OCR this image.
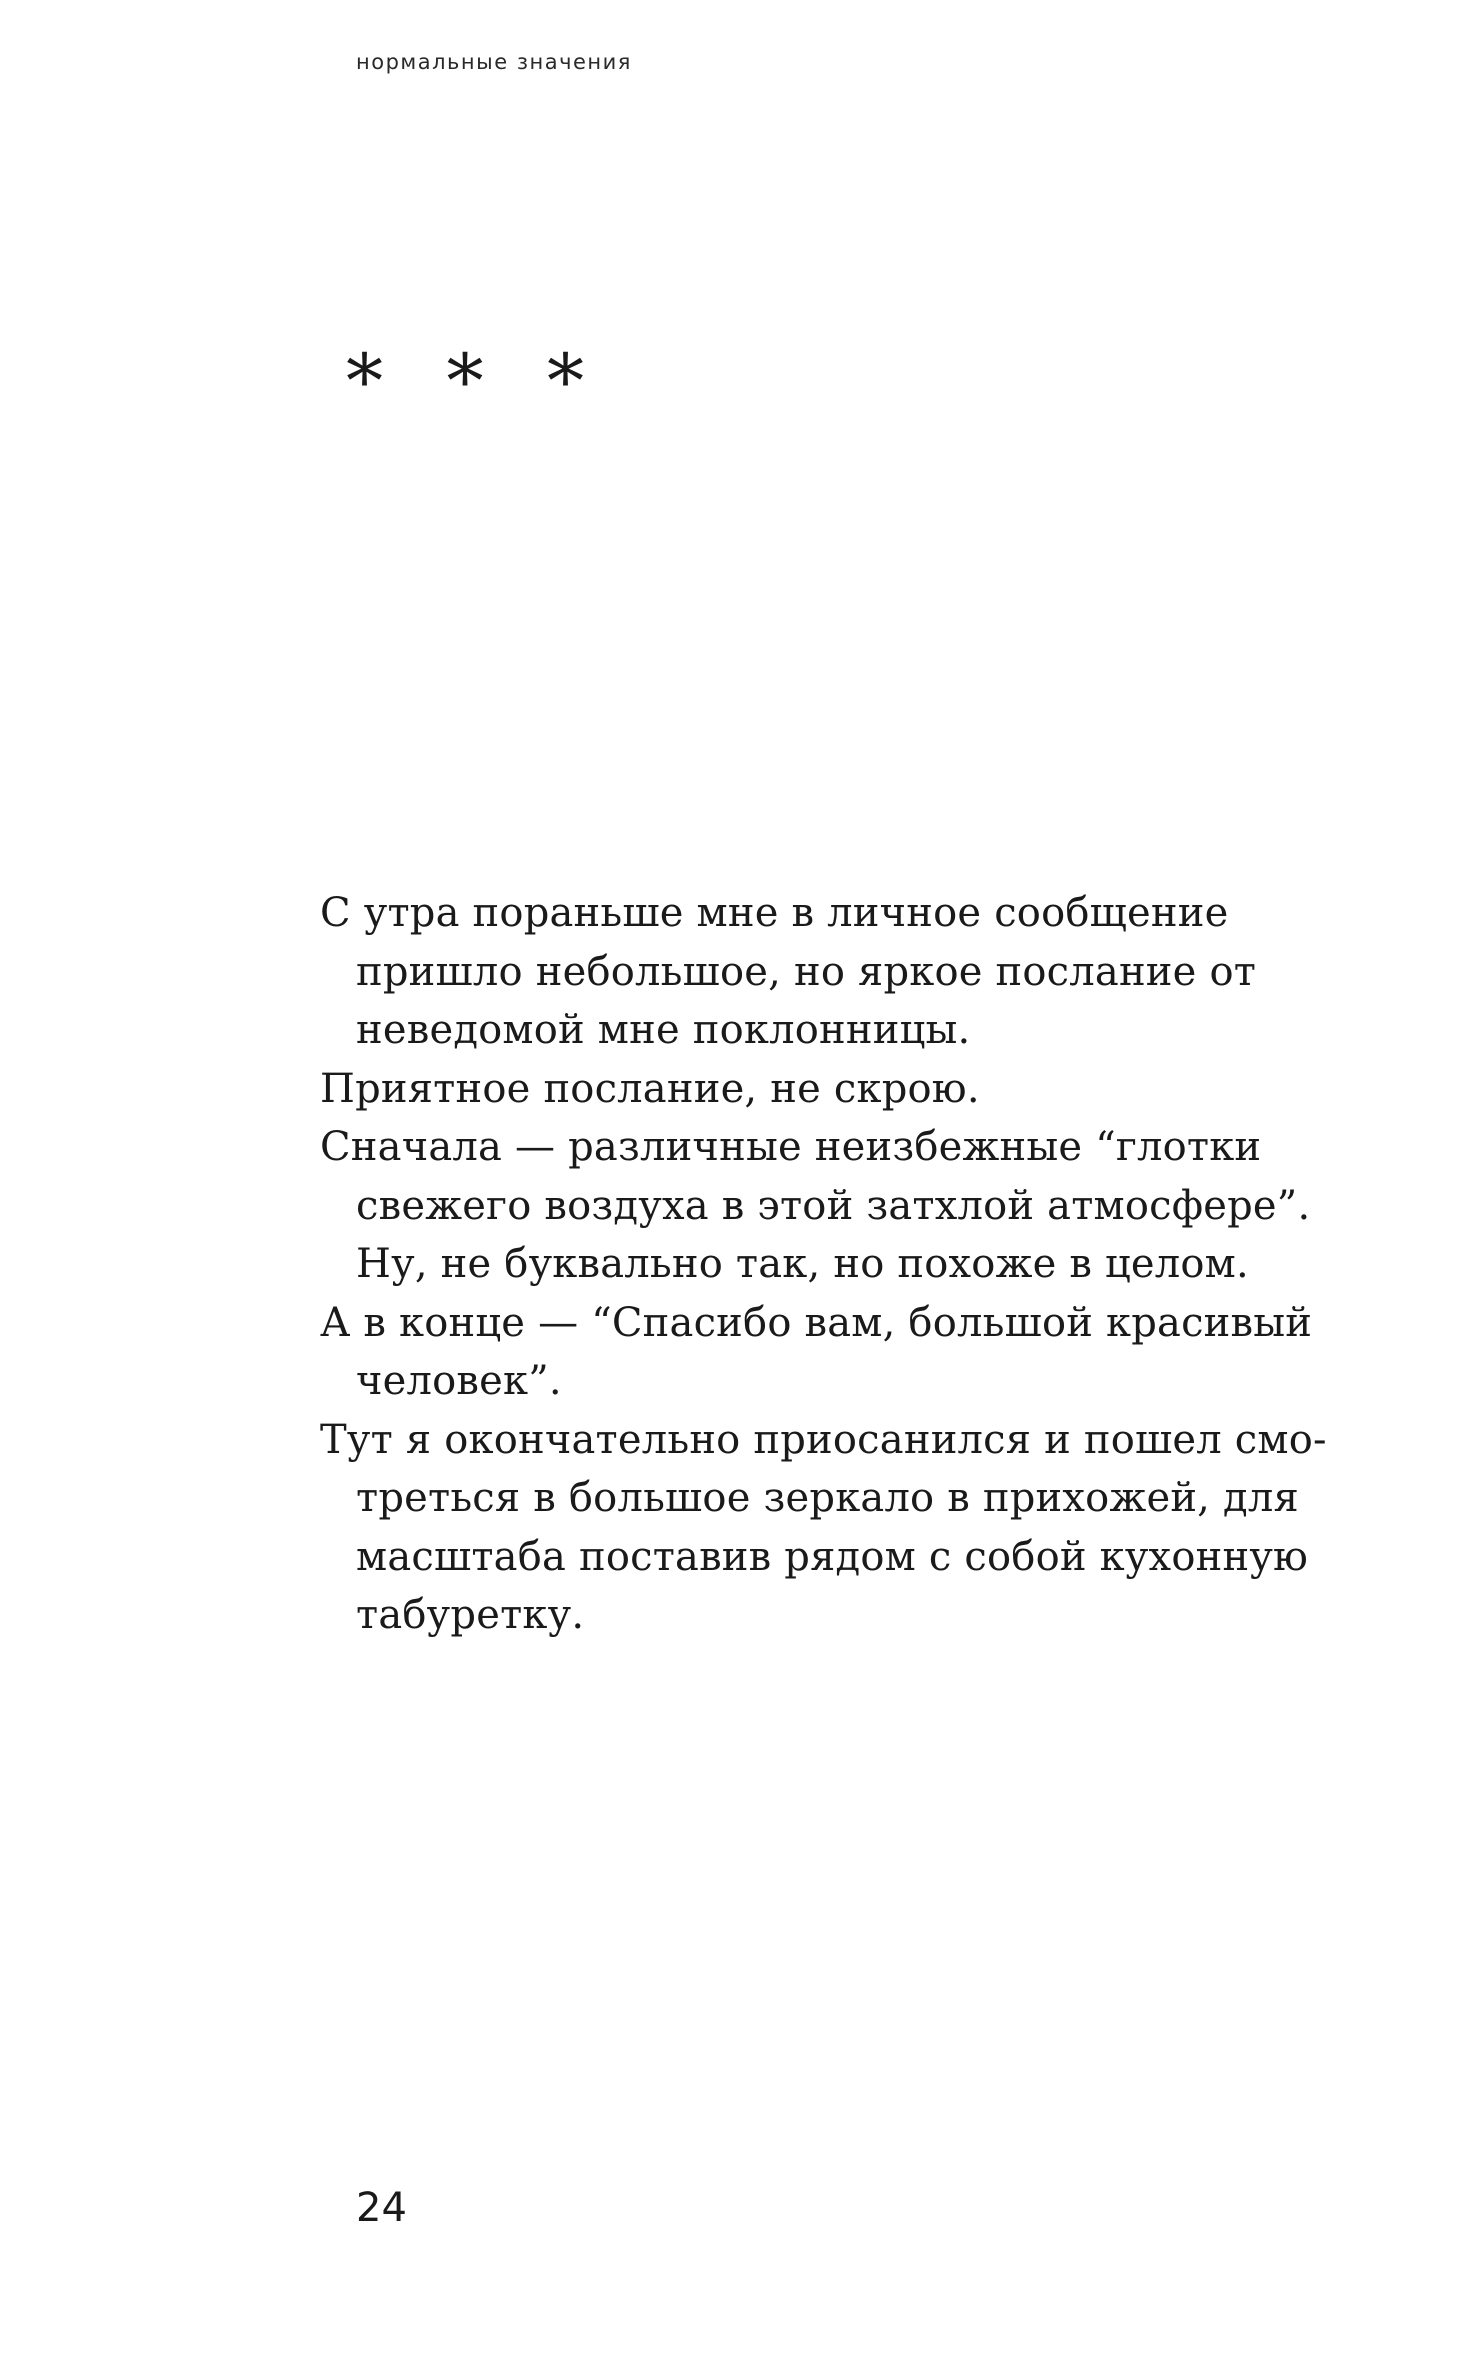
нормальные значения
* * *
С утра пораньше мне в личное сообщение
пришло небольшое, но яркое послание от
неведомой мне поклонницы.
Приятное послание, не скрою.
Сначала — различные неизбежные “глотки
свежего воздуха в этой затхлой атмосфере”.
Ну, не буквально так, но похоже в целом.
А в конце — “Спасибо вам, большой красивый
человек”.
Тут я окончательно приосанился и пошел смо-
треться в большое зеркало в прихожей, для
масштаба поставив рядом с собой кухонную
табуретку.
24
